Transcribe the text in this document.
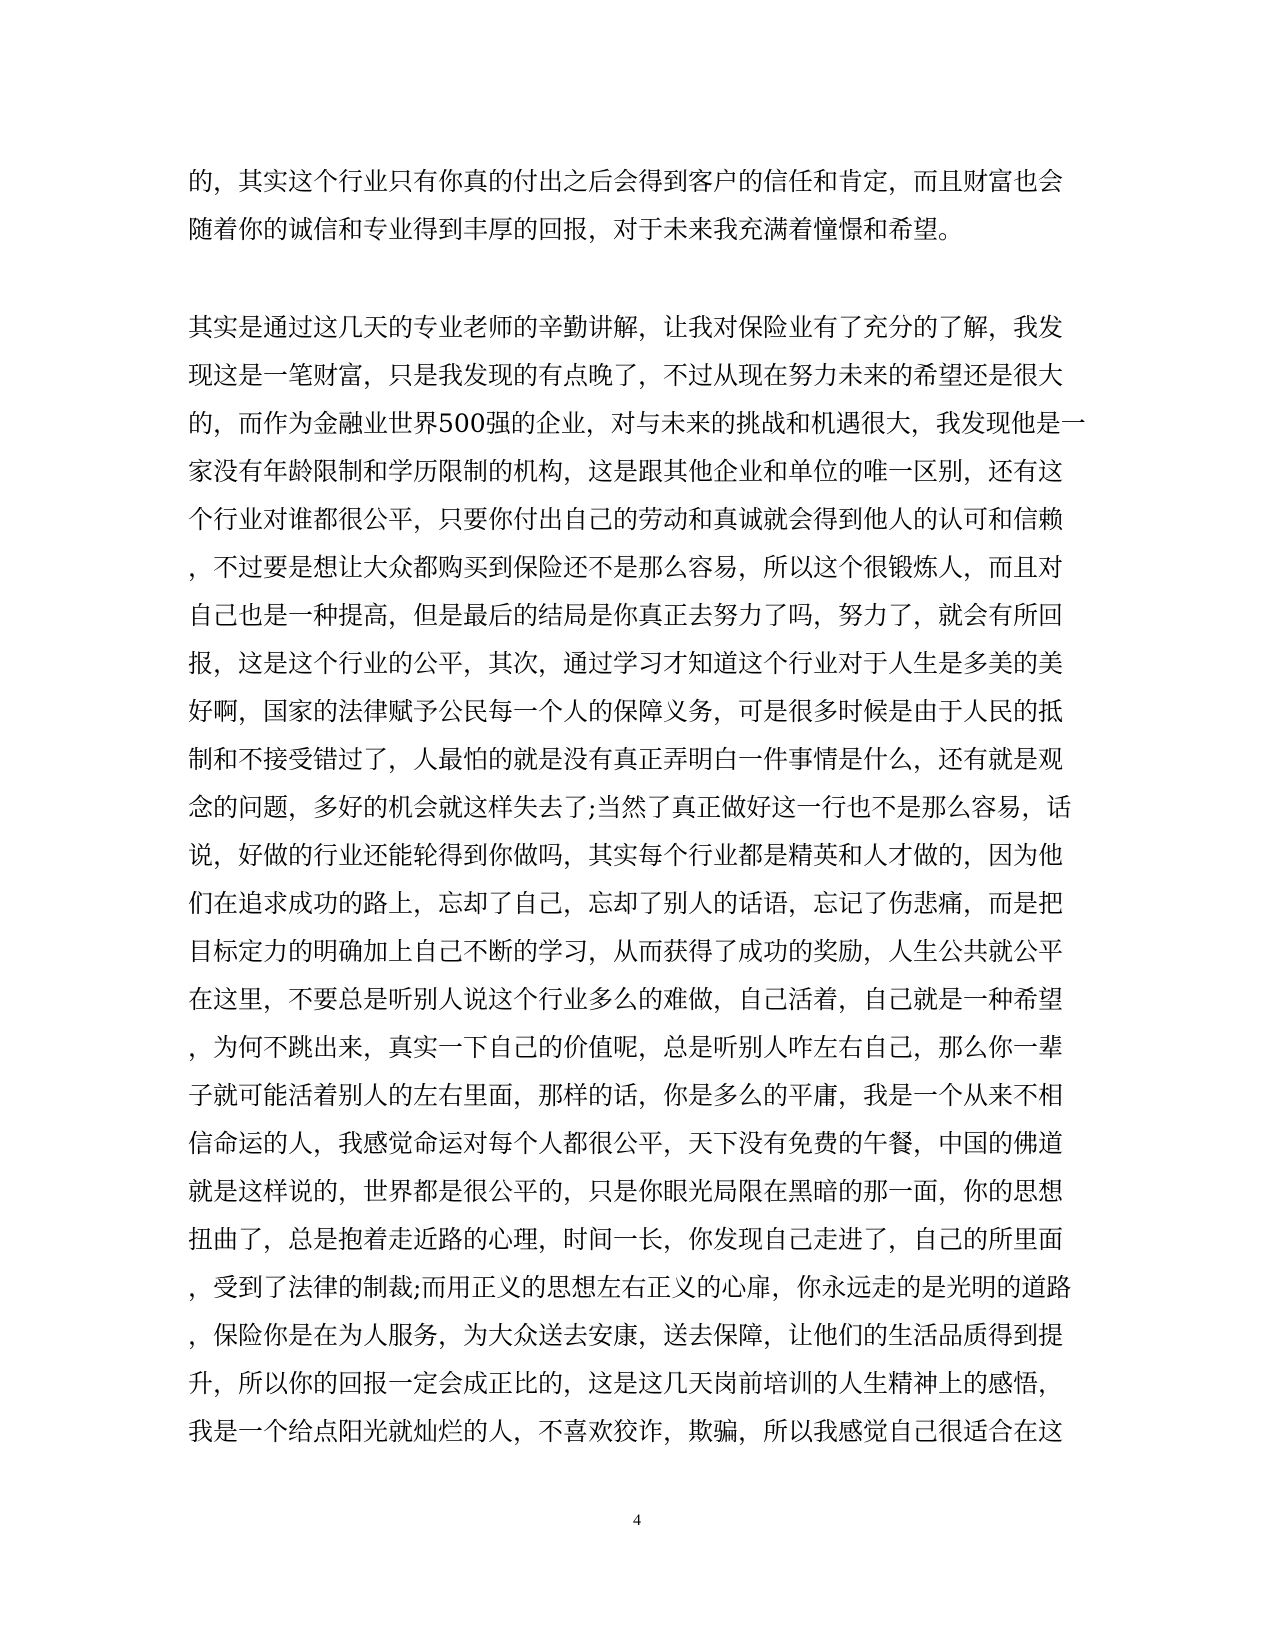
的，其实这个行业只有你真的付出之后会得到客户的信任和肯定，而且财富也会
随着你的诚信和专业得到丰厚的回报，对于未来我充满着憧憬和希望。
其实是通过这几天的专业老师的辛勤讲解，让我对保险业有了充分的了解，我发
现这是一笔财富，只是我发现的有点晚了，不过从现在努力未来的希望还是很大
的，而作为金融业世界500强的企业，对与未来的挑战和机遇很大，我发现他是一
家没有年龄限制和学历限制的机构，这是跟其他企业和单位的唯一区别，还有这
个行业对谁都很公平，只要你付出自己的劳动和真诚就会得到他人的认可和信赖
，不过要是想让大众都购买到保险还不是那么容易，所以这个很锻炼人，而且对
自己也是一种提高，但是最后的结局是你真正去努力了吗，努力了，就会有所回
报，这是这个行业的公平，其次，通过学习才知道这个行业对于人生是多美的美
好啊，国家的法律赋予公民每一个人的保障义务，可是很多时候是由于人民的抵
制和不接受错过了，人最怕的就是没有真正弄明白一件事情是什么，还有就是观
念的问题，多好的机会就这样失去了;当然了真正做好这一行也不是那么容易，话
说，好做的行业还能轮得到你做吗，其实每个行业都是精英和人才做的，因为他
们在追求成功的路上，忘却了自己，忘却了别人的话语，忘记了伤悲痛，而是把
目标定力的明确加上自己不断的学习，从而获得了成功的奖励，人生公共就公平
在这里，不要总是听别人说这个行业多么的难做，自己活着，自己就是一种希望
，为何不跳出来，真实一下自己的价值呢，总是听别人咋左右自己，那么你一辈
子就可能活着别人的左右里面，那样的话，你是多么的平庸，我是一个从来不相
信命运的人，我感觉命运对每个人都很公平，天下没有免费的午餐，中国的佛道
就是这样说的，世界都是很公平的，只是你眼光局限在黑暗的那一面，你的思想
扭曲了，总是抱着走近路的心理，时间一长，你发现自己走进了，自己的所里面
，受到了法律的制裁;而用正义的思想左右正义的心扉，你永远走的是光明的道路
，保险你是在为人服务，为大众送去安康，送去保障，让他们的生活品质得到提
升，所以你的回报一定会成正比的，这是这几天岗前培训的人生精神上的感悟，
我是一个给点阳光就灿烂的人，不喜欢狡诈，欺骗，所以我感觉自己很适合在这
4
